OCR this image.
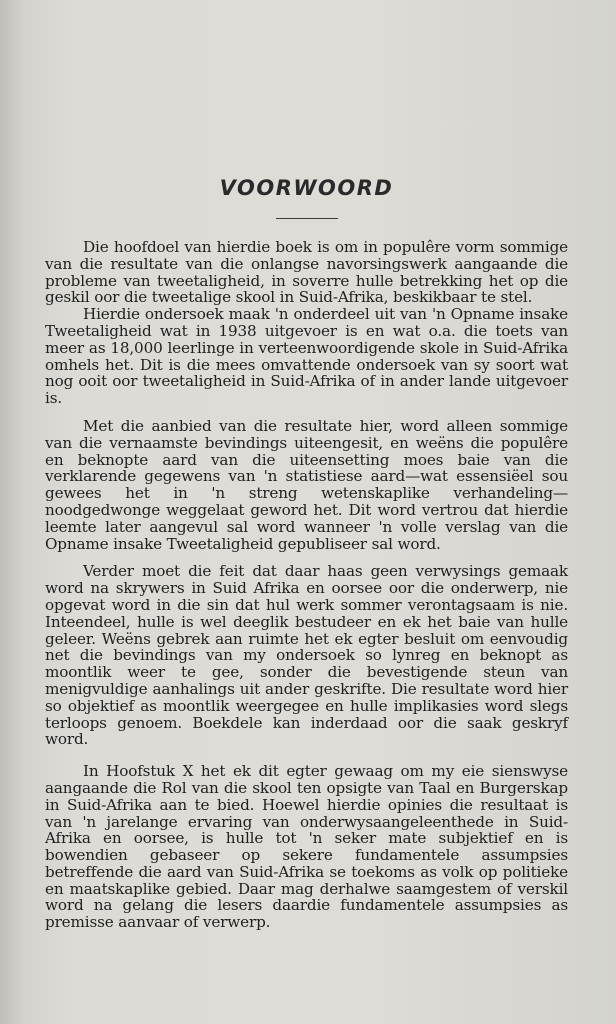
VOORWOORD

Die hoofdoel van hierdie boek is om in populêre vorm sommige van die resultate van die onlangse navorsingswerk aangaande die probleme van tweetaligheid, in soverre hulle betrekking het op die geskil oor die tweetalige skool in Suid-Afrika, beskikbaar te stel.

Hierdie ondersoek maak 'n onderdeel uit van 'n Opname insake Tweetaligheid wat in 1938 uitgevoer is en wat o.a. die toets van meer as 18,000 leerlinge in verteenwoordigende skole in Suid-Afrika omhels het. Dit is die mees omvattende ondersoek van sy soort wat nog ooit oor tweetaligheid in Suid-Afrika of in ander lande uitgevoer is.

Met die aanbied van die resultate hier, word alleen sommige van die vernaamste bevindings uiteengesit, en weëns die populêre en beknopte aard van die uiteensetting moes baie van die verklarende gegewens van 'n statistiese aard—wat essensiëel sou gewees het in 'n streng wetenskaplike verhandeling—noodgedwonge weggelaat geword het. Dit word vertrou dat hierdie leemte later aangevul sal word wanneer 'n volle verslag van die Opname insake Tweetaligheid gepubliseer sal word.

Verder moet die feit dat daar haas geen verwysings gemaak word na skrywers in Suid Afrika en oorsee oor die onderwerp, nie opgevat word in die sin dat hul werk sommer verontagsaam is nie. Inteendeel, hulle is wel deeglik bestudeer en ek het baie van hulle geleer. Weëns gebrek aan ruimte het ek egter besluit om eenvoudig net die bevindings van my ondersoek so lynreg en beknopt as moontlik weer te gee, sonder die bevestigende steun van menigvuldige aanhalings uit ander geskrifte. Die resultate word hier so objektief as moontlik weergegee en hulle implikasies word slegs terloops genoem. Boekdele kan inderdaad oor die saak geskryf word.

In Hoofstuk X het ek dit egter gewaag om my eie sienswyse aangaande die Rol van die skool ten opsigte van Taal en Burgerskap in Suid-Afrika aan te bied. Hoewel hierdie opinies die resultaat is van 'n jarelange ervaring van onderwysaangeleenthede in Suid-Afrika en oorsee, is hulle tot 'n seker mate subjektief en is bowendien gebaseer op sekere fundamentele assumpsies betreffende die aard van Suid-Afrika se toekoms as volk op politieke en maatskaplike gebied. Daar mag derhalwe saamgestem of verskil word na gelang die lesers daardie fundamentele assumpsies as premisse aanvaar of verwerp.
